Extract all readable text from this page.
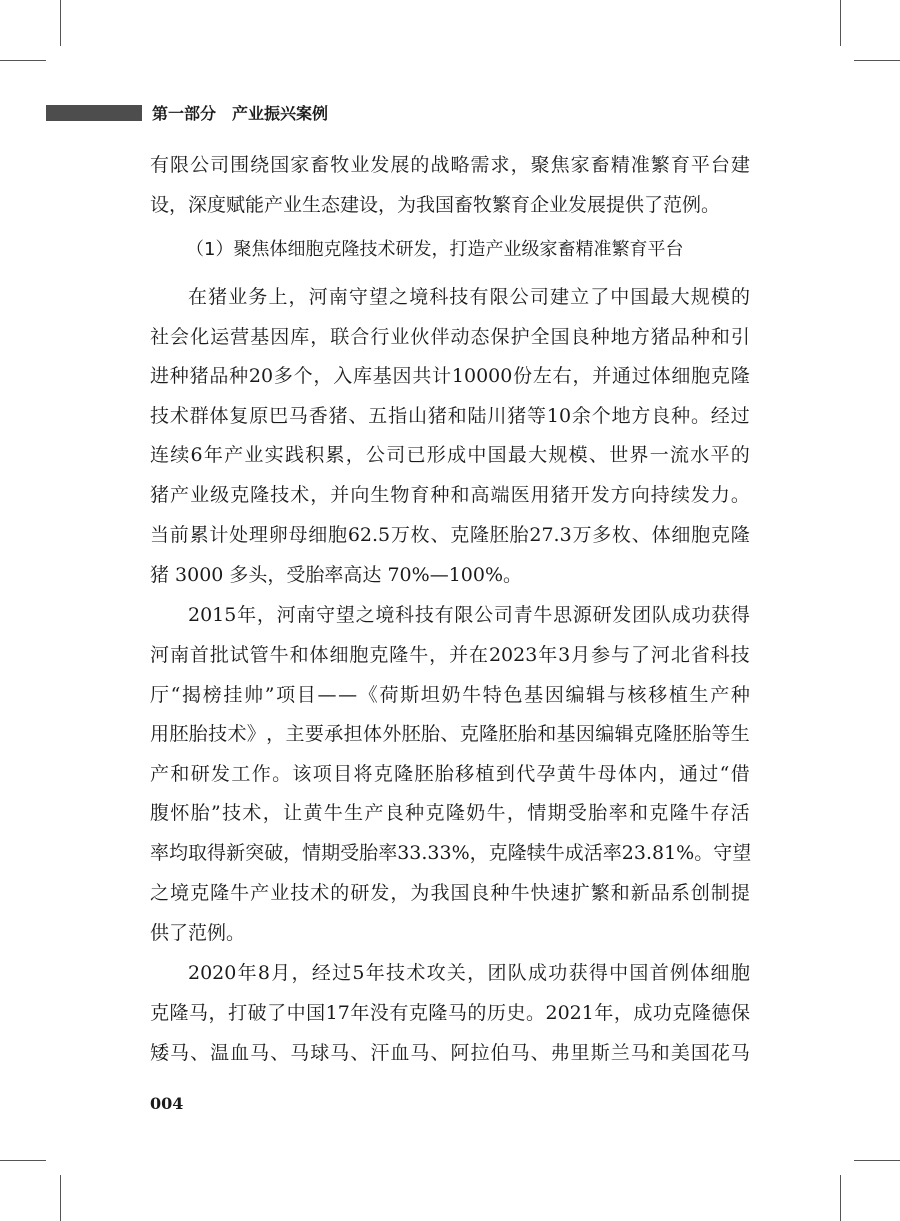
第一部分 产业振兴案例
有 限 公 司 围 绕 国 家 畜 牧 业 发 展 的 战 略 需 求 ， 聚 焦 家 畜 精 准 繁 育 平 台 建
设，深度赋能产业生态建设，为我国畜牧繁育企业发展提供了范例。
（1）聚焦体细胞克隆技术研发，打造产业级家畜精准繁育平台
在 猪 业 务 上 ， 河 南 守 望 之 境 科 技 有 限 公 司 建 立 了 中 国 最 大 规 模 的
社 会 化 运 营 基 因 库 ， 联 合 行 业 伙 伴 动 态 保 护 全 国 良 种 地 方 猪 品 种 和 引
进 种 猪 品 种 20 多 个 ， 入 库 基 因 共 计 10000 份 左 右 ， 并 通 过 体 细 胞 克 隆
技 术 群 体 复 原 巴 马 香 猪 、 五 指 山 猪 和 陆 川 猪 等 10 余 个 地 方 良 种 。 经 过
连 续 6 年 产 业 实 践 积 累 ， 公 司 已 形 成 中 国 最 大 规 模 、 世 界 一 流 水 平 的
猪 产 业 级 克 隆 技 术 ， 并 向 生 物 育 种 和 高 端 医 用 猪 开 发 方 向 持 续 发 力 。
当 前 累 计 处 理 卵 母 细 胞 62.5 万 枚 、 克 隆 胚 胎 27.3 万 多 枚 、 体 细 胞 克 隆
猪 3000 多头，受胎率高达 70%—100%。
2015 年 ， 河 南 守 望 之 境 科 技 有 限 公 司 青 牛 思 源 研 发 团 队 成 功 获 得
河 南 首 批 试 管 牛 和 体 细 胞 克 隆 牛 ， 并 在 2023 年 3 月 参 与 了 河 北 省 科 技
厅 “ 揭 榜 挂 帅 ” 项 目 — — 《 荷 斯 坦 奶 牛 特 色 基 因 编 辑 与 核 移 植 生 产 种
用 胚 胎 技 术 》 ， 主 要 承 担 体 外 胚 胎 、 克 隆 胚 胎 和 基 因 编 辑 克 隆 胚 胎 等 生
产 和 研 发 工 作 。 该 项 目 将 克 隆 胚 胎 移 植 到 代 孕 黄 牛 母 体 内 ， 通 过 “ 借
腹 怀 胎 ” 技 术 ， 让 黄 牛 生 产 良 种 克 隆 奶 牛 ， 情 期 受 胎 率 和 克 隆 牛 存 活
率 均 取 得 新 突 破 ， 情 期 受 胎 率 33.33% ， 克 隆 犊 牛 成 活 率 23.81% 。 守 望
之 境 克 隆 牛 产 业 技 术 的 研 发 ， 为 我 国 良 种 牛 快 速 扩 繁 和 新 品 系 创 制 提
供了范例。
2020 年 8 月 ， 经 过 5 年 技 术 攻 关 ， 团 队 成 功 获 得 中 国 首 例 体 细 胞
克 隆 马 ， 打 破 了 中 国 17 年 没 有 克 隆 马 的 历 史 。 2021 年 ， 成 功 克 隆 德 保
矮 马 、 温 血 马 、 马 球 马 、 汗 血 马 、 阿 拉 伯 马 、 弗 里 斯 兰 马 和 美 国 花 马
004
